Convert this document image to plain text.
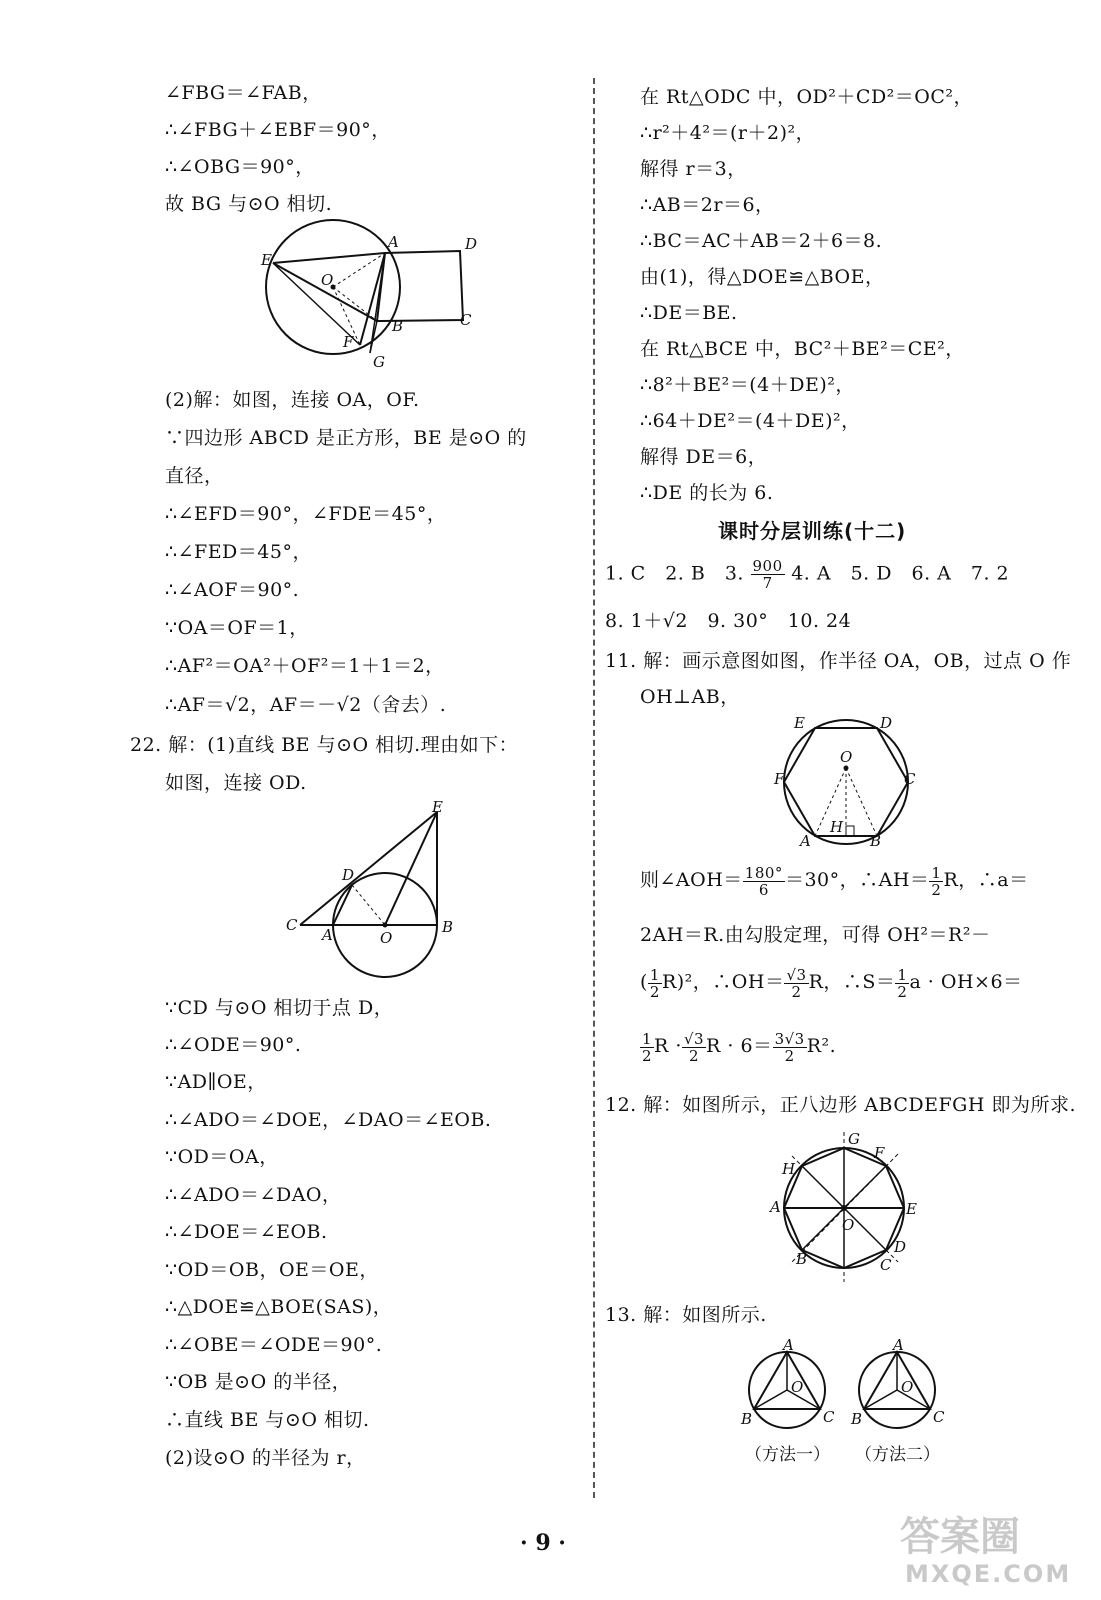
∠FBG＝∠FAB，
∴∠FBG＋∠EBF＝90°，
∴∠OBG＝90°，
故 BG 与⊙O 相切.
E
A	D
O
B	C
F
G
(2)解：如图，连接 OA，OF.
∵四边形 ABCD 是正方形，BE 是⊙O 的
直径，
∴∠EFD＝90°，∠FDE＝45°，
∴∠FED＝45°，
∴∠AOF＝90°.
∵OA＝OF＝1，
∴AF²＝OA²＋OF²＝1＋1＝2，
∴AF＝√2，AF＝－√2（舍去）.
22. 解：(1)直线 BE 与⊙O 相切.理由如下：
如图，连接 OD.
E
D
C
A	O
B
∵CD 与⊙O 相切于点 D，
∴∠ODE＝90°.
∵AD∥OE，
∴∠ADO＝∠DOE，∠DAO＝∠EOB.
∵OD＝OA，
∴∠ADO＝∠DAO，
∴∠DOE＝∠EOB.
∵OD＝OB，OE＝OE，
∴△DOE≌△BOE(SAS)，
∴∠OBE＝∠ODE＝90°.
∵OB 是⊙O 的半径，
∴直线 BE 与⊙O 相切.
(2)设⊙O 的半径为 r，
在 Rt△ODC 中，OD²＋CD²＝OC²，
∴r²＋4²＝(r＋2)²，
解得 r＝3，
∴AB＝2r＝6，
∴BC＝AC＋AB＝2＋6＝8.
由(1)，得△DOE≌△BOE，
∴DE＝BE.
在 Rt△BCE 中，BC²＋BE²＝CE²，
∴8²＋BE²＝(4＋DE)²，
∴64＋DE²＝(4＋DE)²，
解得 DE＝6，
∴DE 的长为 6.
课时分层训练(十二)
1. C　2. B　3. $\frac{900}{7} 4$. A　5. D　6. A　7. 2
8. 1＋√2　9. 30°　10. 24
11. 解：画示意图如图，作半径 OA，OB，过点 O 作
OH⊥AB，
E	D
O
F	C
A
H
B
则∠AOH＝ $\frac{180^\circ}{6} =30^\circ$，∴AH＝ $\frac{1}{2}$ R，∴a＝
2AH＝R.由勾股定理，可得 OH²＝R²－
( $\frac{1}{2} R)^2$，∴OH＝ $\frac{√3}{2}$ R，∴S＝ $\frac{1}{2}$ a · OH×6＝
$\frac{1}{2}$ $R \cdot \frac{√3}{2}$ $R \cdot 6= \frac{3√3}{2} R^2$.
12. 解：如图所示，正八边形 ABCDEFGH 即为所求.
G
F
H
A	E
O
B	C
D
13. 解：如图所示.
A
O
B	C
A
O
B	C
（方法一） （方法二）
· 9 ·	答案圈
MXQE.COM
